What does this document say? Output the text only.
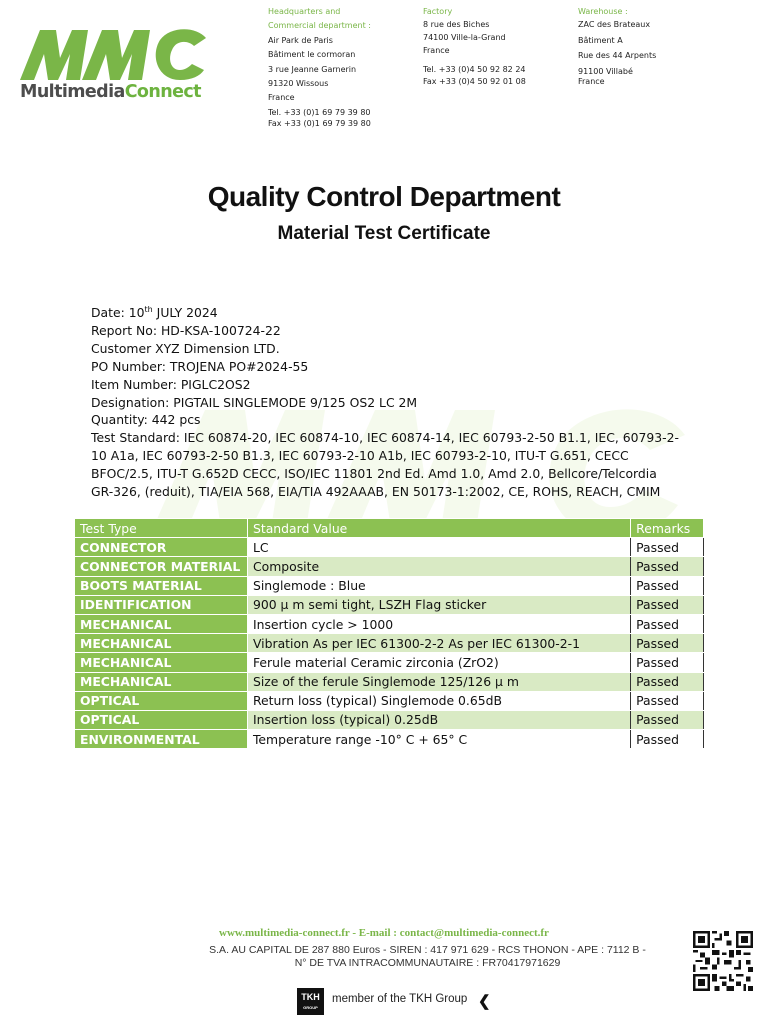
MultimediaConnect
Headquarters and
Commercial department :
Air Park de Paris
Bâtiment le cormoran
3 rue Jeanne Garnerin
91320 Wissous
France
Tel. +33 (0)1 69 79 39 80
Fax +33 (0)1 69 79 39 80
Factory
8 rue des Biches
74100 Ville-la-Grand
France
Tel. +33 (0)4 50 92 82 24
Fax +33 (0)4 50 92 01 08
Warehouse :
ZAC des Brateaux
Bâtiment A
Rue des 44 Arpents
91100 Villabé
France
Quality Control Department
Material Test Certificate
Date: 10th JULY 2024
Report No: HD-KSA-100724-22
Customer XYZ Dimension LTD.
PO Number: TROJENA PO#2024-55
Item Number: PIGLC2OS2
Designation: PIGTAIL SINGLEMODE 9/125 OS2 LC 2M
Quantity: 442 pcs
Test Standard: IEC 60874-20, IEC 60874-10, IEC 60874-14, IEC 60793-2-50 B1.1, IEC, 60793-2-
10 A1a, IEC 60793-2-50 B1.3, IEC 60793-2-10 A1b, IEC 60793-2-10, ITU-T G.651, CECC
BFOC/2.5, ITU-T G.652D CECC, ISO/IEC 11801 2nd Ed. Amd 1.0, Amd 2.0, Bellcore/Telcordia
GR-326, (reduit), TIA/EIA 568, EIA/TIA 492AAAB, EN 50173-1:2002, CE, ROHS, REACH, CMIM
Test Type	Standard Value	Remarks
CONNECTOR	LC	Passed
CONNECTOR MATERIAL	Composite	Passed
BOOTS MATERIAL	Singlemode : Blue	Passed
IDENTIFICATION	900 μ m semi tight, LSZH Flag sticker	Passed
MECHANICAL	Insertion cycle > 1000	Passed
MECHANICAL	Vibration As per IEC 61300-2-2 As per IEC 61300-2-1	Passed
MECHANICAL	Ferule material Ceramic zirconia (ZrO2)	Passed
MECHANICAL	Size of the ferule Singlemode 125/126 μ m	Passed
OPTICAL	Return loss (typical) Singlemode 0.65dB	Passed
OPTICAL	Insertion loss (typical) 0.25dB	Passed
ENVIRONMENTAL	Temperature range -10° C + 65° C	Passed
www.multimedia-connect.fr - E-mail : contact@multimedia-connect.fr
S.A. AU CAPITAL DE 287 880 Euros - SIREN : 417 971 629 - RCS THONON - APE : 7112 B -
N° DE TVA INTRACOMMUNAUTAIRE : FR70417971629
TKH
GROUP
member of the TKH Group ❮
